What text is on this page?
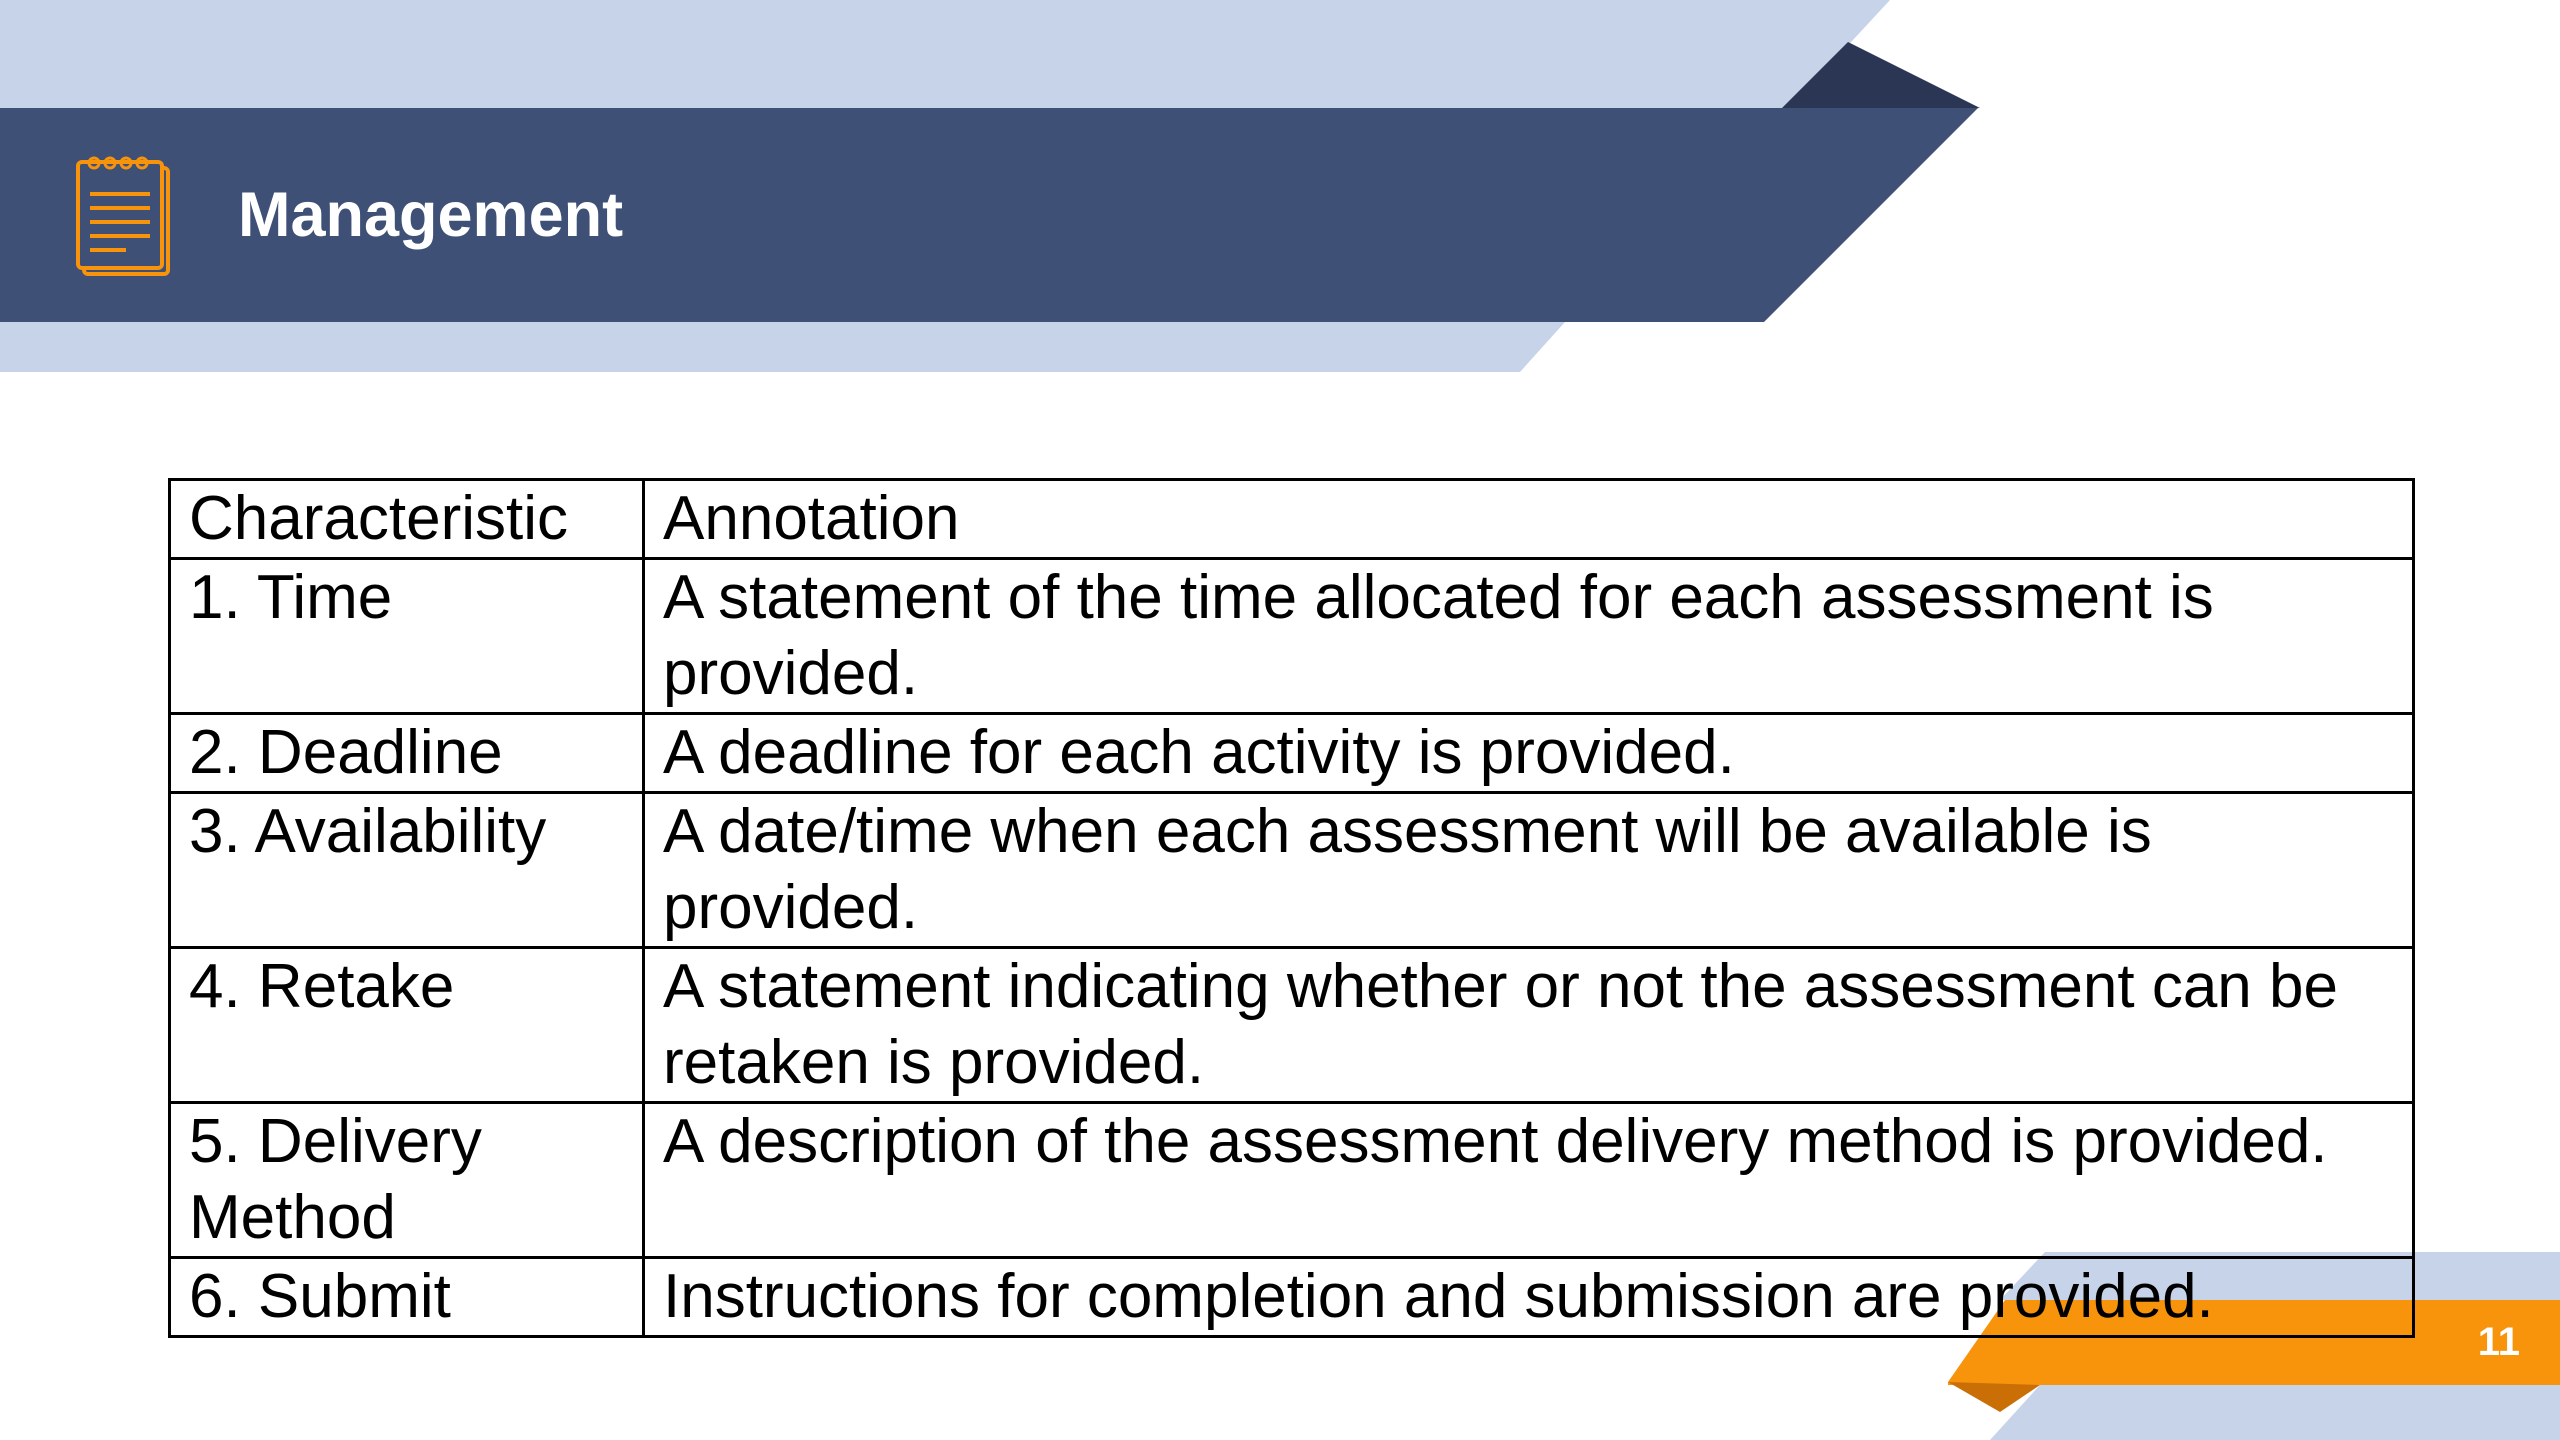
Management
Characteristic	Annotation
1. Time	A statement of the time allocated for each assessment is provided.
2. Deadline	A deadline for each activity is provided.
3. Availability	A date/time when each assessment will be available is provided.
4. Retake	A statement indicating whether or not the assessment can be retaken is provided.
5. Delivery Method	A description of the assessment delivery method is provided.
6. Submit	Instructions for completion and submission are provided.
11
